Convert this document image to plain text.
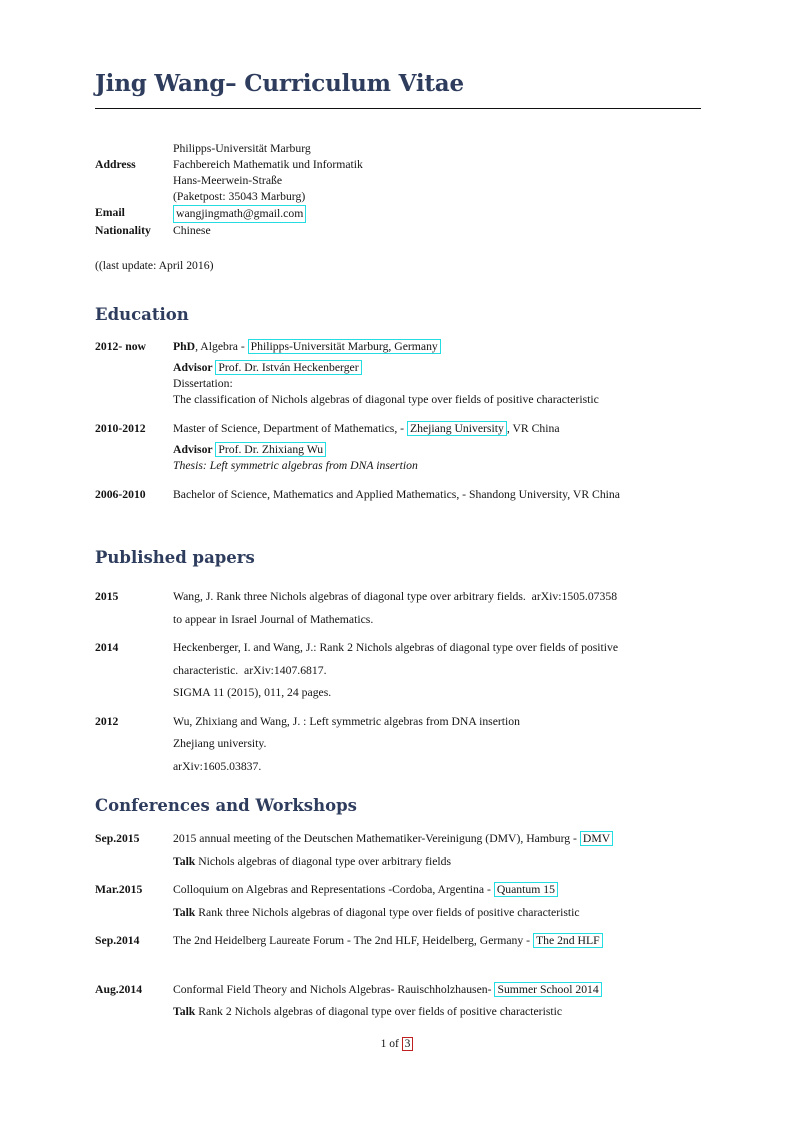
Jing Wang– Curriculum Vitae
Philipps-Universität Marburg
Address	Fachbereich Mathematik und Informatik
Hans-Meerwein-Straße
(Paketpost: 35043 Marburg)
Email	wangjingmath@gmail.com
Nationality	Chinese
((last update: April 2016)
Education
2012- now	PhD, Algebra - Philipps-Universität Marburg, Germany
Advisor Prof. Dr. István Heckenberger
Dissertation:
The classification of Nichols algebras of diagonal type over fields of positive characteristic
2010-2012	Master of Science, Department of Mathematics, - Zhejiang University , VR China
Advisor Prof. Dr. Zhixiang Wu
Thesis: Left symmetric algebras from DNA insertion
2006-2010	Bachelor of Science, Mathematics and Applied Mathematics, - Shandong University, VR China
Published papers
2015	Wang, J. Rank three Nichols algebras of diagonal type over arbitrary fields.  arXiv:1505.07358
to appear in Israel Journal of Mathematics.
2014	Heckenberger, I. and Wang, J.: Rank 2 Nichols algebras of diagonal type over fields of positive
characteristic.  arXiv:1407.6817.
SIGMA 11 (2015), 011, 24 pages.
2012	Wu, Zhixiang and Wang, J. : Left symmetric algebras from DNA insertion
Zhejiang university.
arXiv:1605.03837.
Conferences and Workshops
Sep.2015	2015 annual meeting of the Deutschen Mathematiker-Vereinigung (DMV), Hamburg - DMV
Talk Nichols algebras of diagonal type over arbitrary fields
Mar.2015	Colloquium on Algebras and Representations -Cordoba, Argentina - Quantum 15
Talk Rank three Nichols algebras of diagonal type over fields of positive characteristic
Sep.2014	The 2nd Heidelberg Laureate Forum - The 2nd HLF, Heidelberg, Germany - The 2nd HLF
Aug.2014	Conformal Field Theory and Nichols Algebras- Rauischholzhausen- Summer School 2014
Talk Rank 2 Nichols algebras of diagonal type over fields of positive characteristic
1 of 3
